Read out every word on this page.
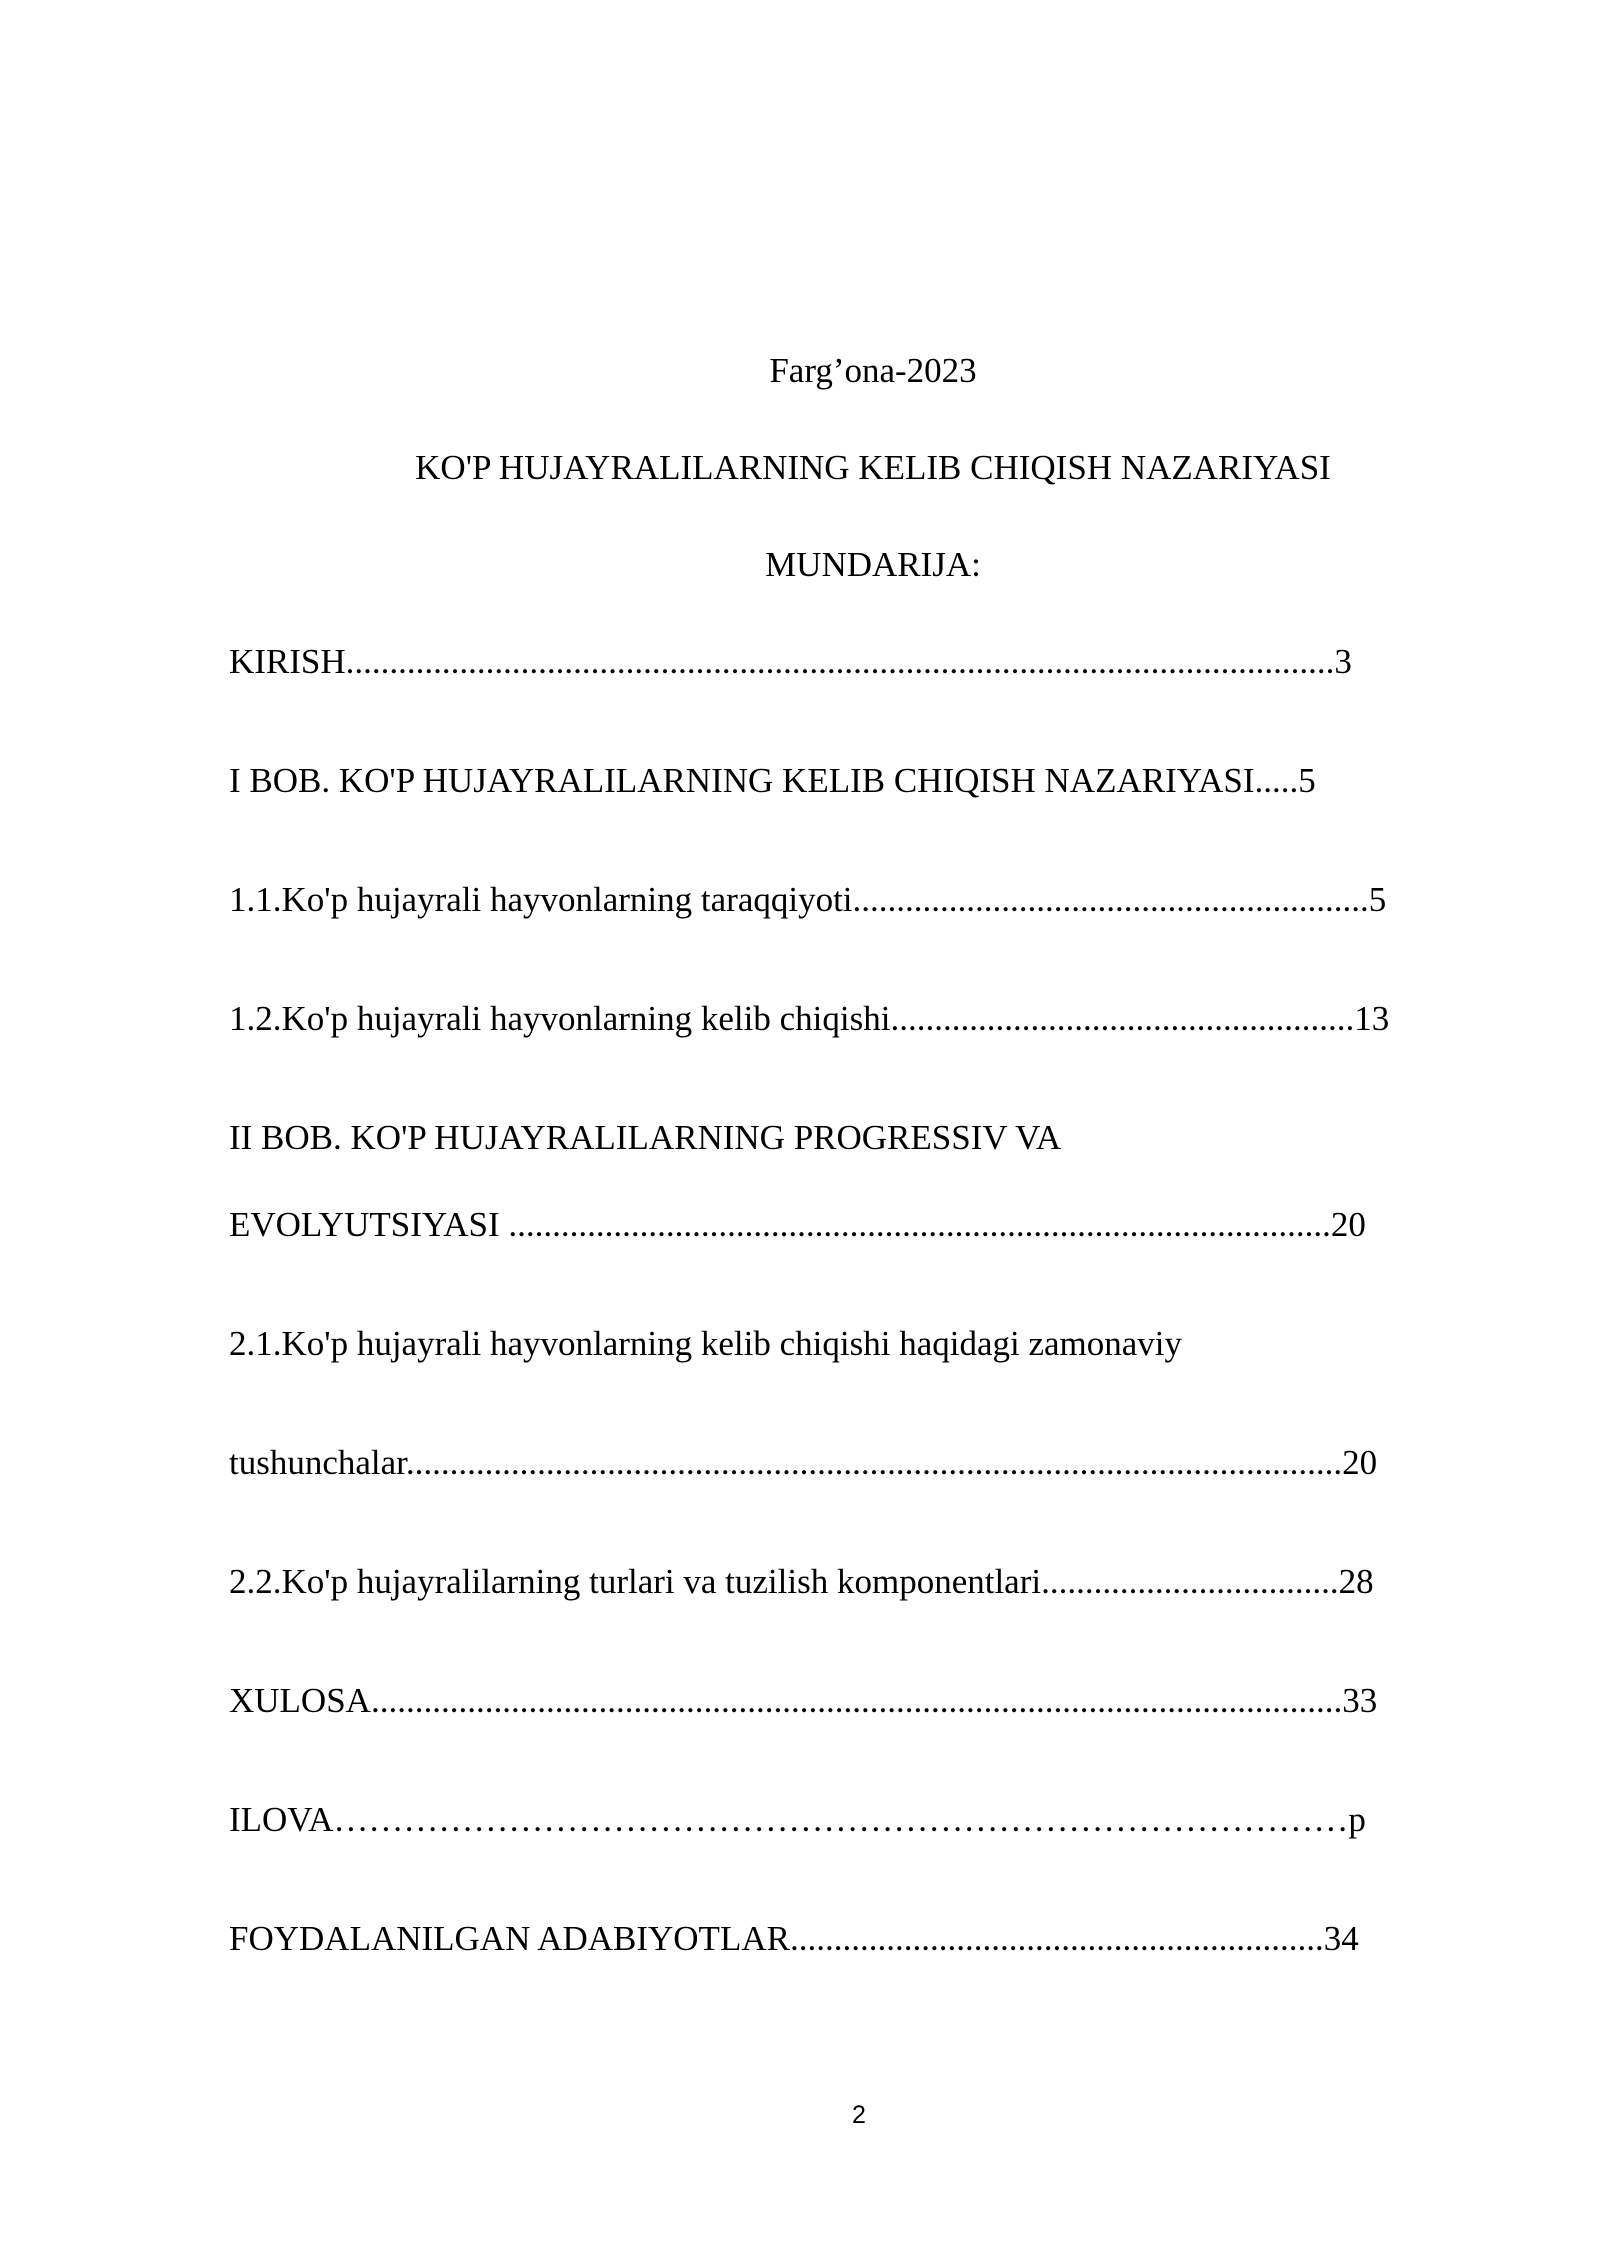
Farg’ona-2023
KO'P HUJAYRALILARNING KELIB CHIQISH NAZARIYASI
MUNDARIJA:
KIRISH.................................................................................................................3
I BOB. KO'P HUJAYRALILARNING KELIB CHIQISH NAZARIYASI.....5
1.1.Ko'p hujayrali hayvonlarning taraqqiyoti...........................................................5
1.2.Ko'p hujayrali hayvonlarning kelib chiqishi.....................................................13
II BOB. KO'P HUJAYRALILARNING PROGRESSIV VA
EVOLYUTSIYASI ..............................................................................................20
2.1.Ko'p hujayrali hayvonlarning kelib chiqishi haqidagi zamonaviy
tushunchalar...........................................................................................................20
2.2.Ko'p hujayralilarning turlari va tuzilish komponentlari..................................28
XULOSA...............................................................................................................33
ILOVA……………………………………………………………………………p
FOYDALANILGAN ADABIYOTLAR.............................................................34
2
